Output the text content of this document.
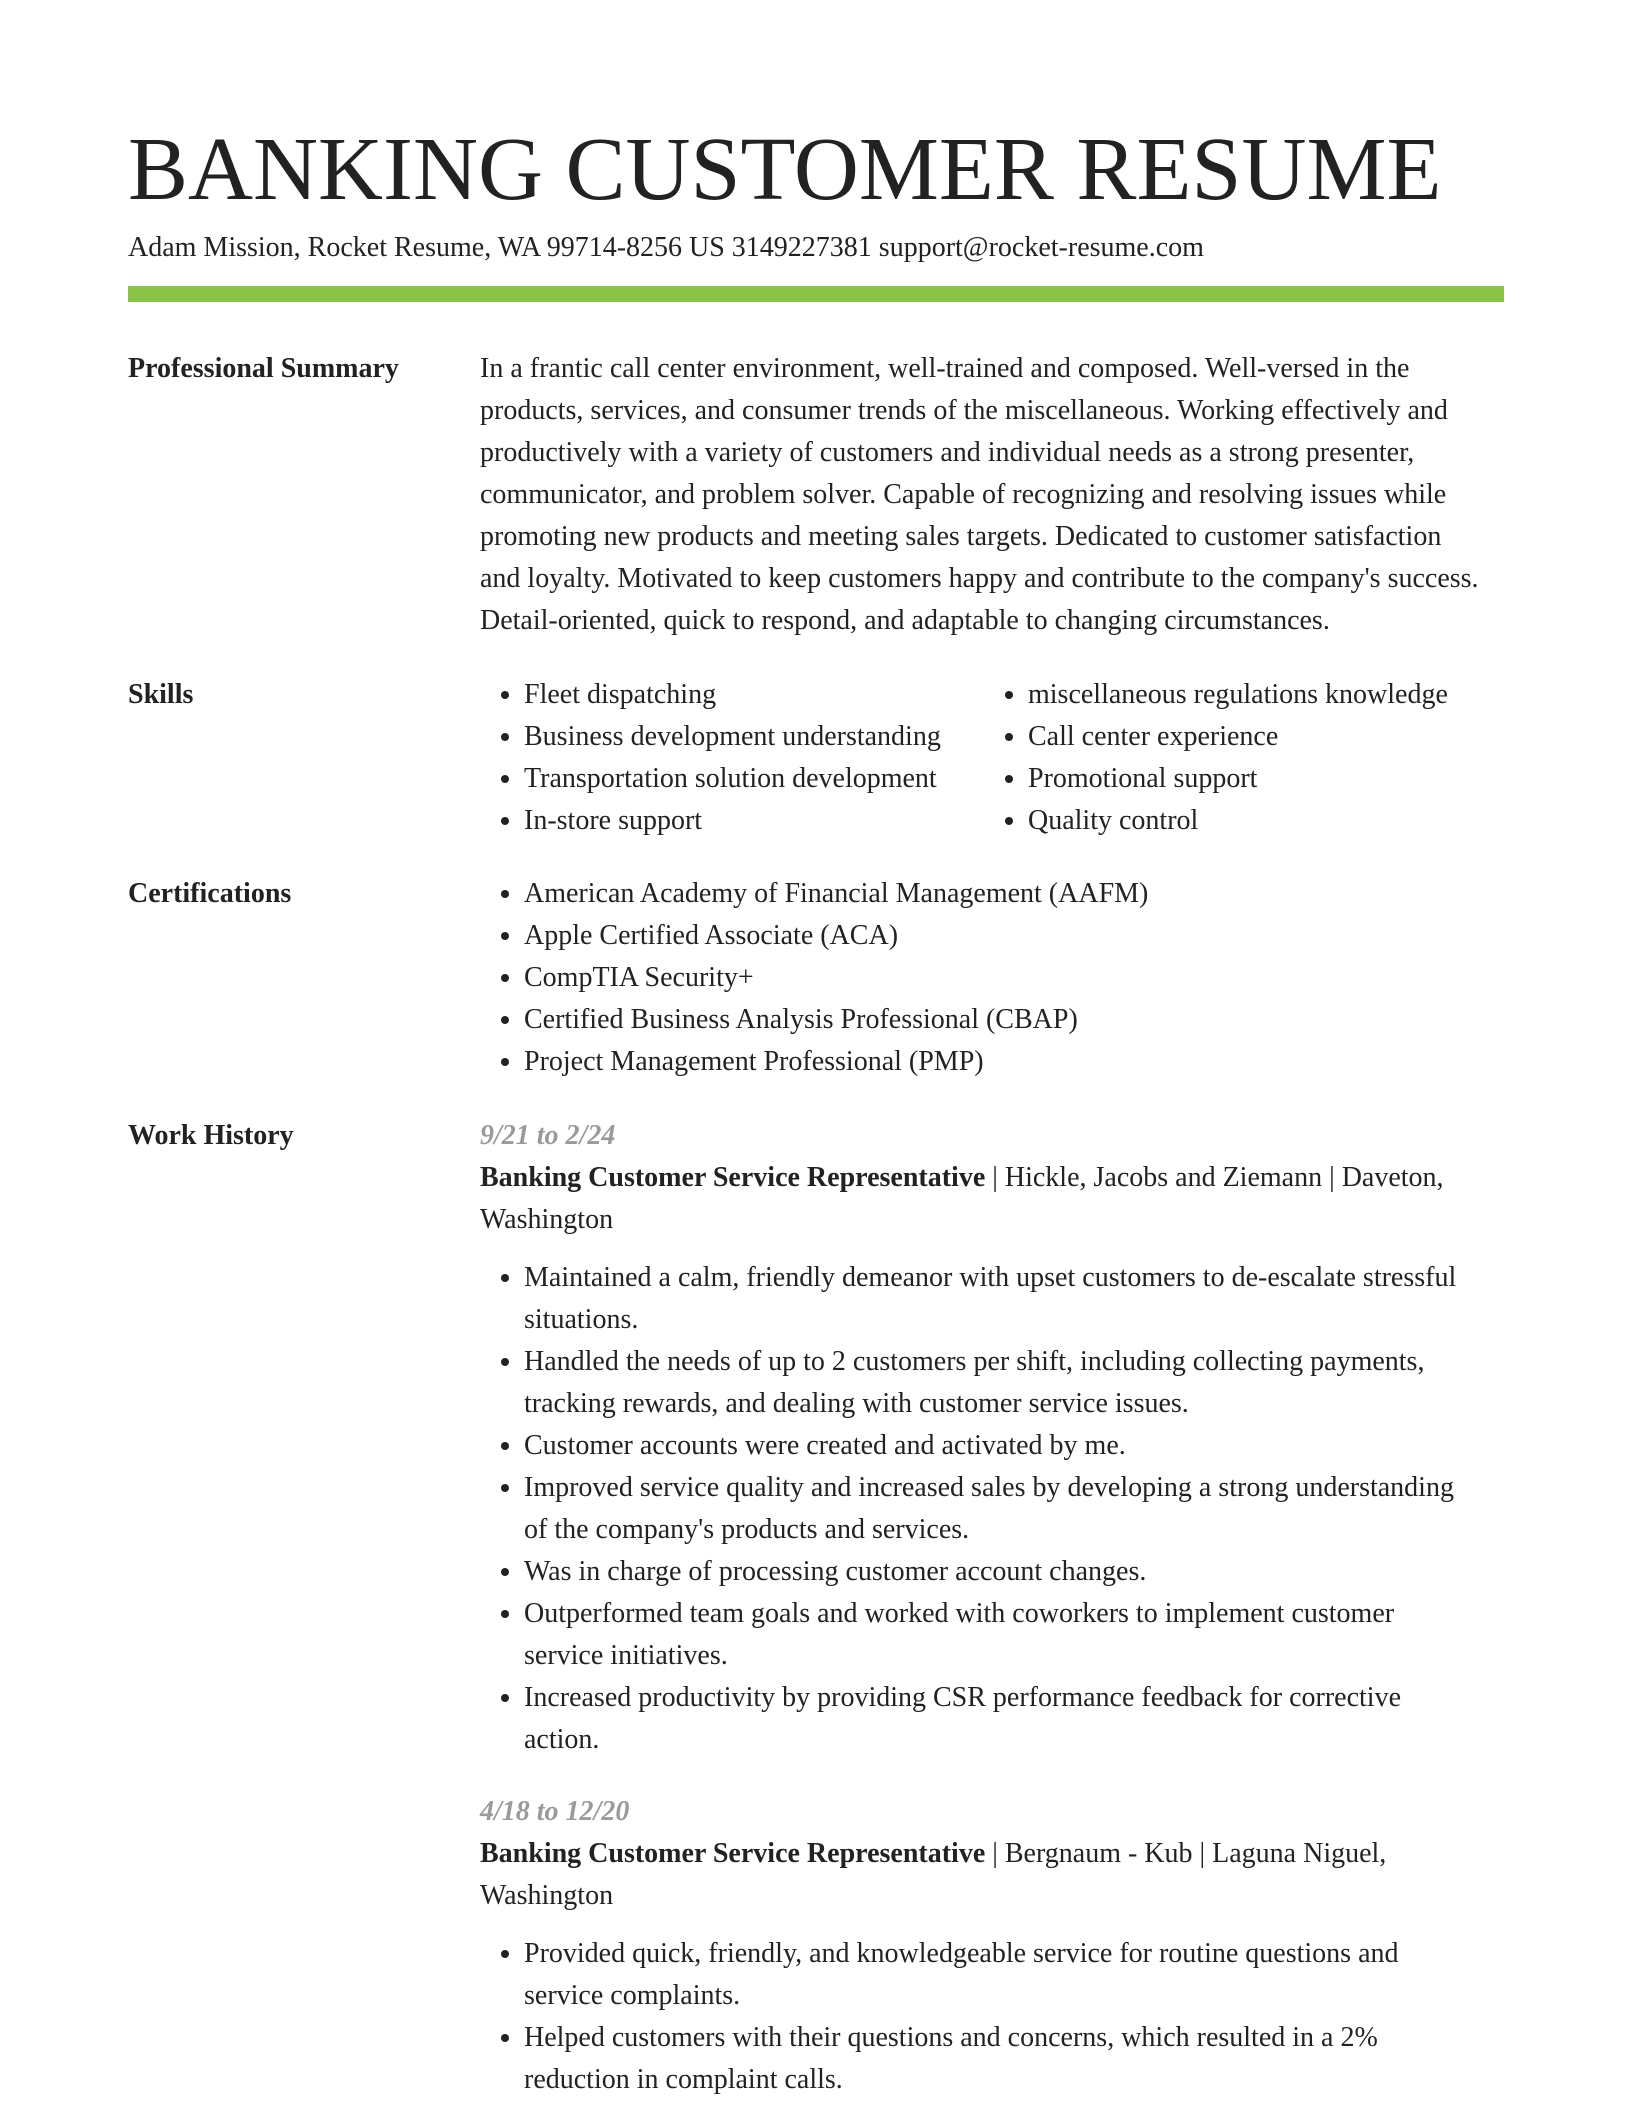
BANKING CUSTOMER RESUME
Adam Mission, Rocket Resume, WA 99714-8256 US 3149227381 support@rocket-resume.com
Professional Summary	In a frantic call center environment, well-trained and composed. Well-versed in the products, services, and consumer trends of the miscellaneous. Working effectively and productively with a variety of customers and individual needs as a strong presenter, communicator, and problem solver. Capable of recognizing and resolving issues while promoting new products and meeting sales targets. Dedicated to customer satisfaction and loyalty. Motivated to keep customers happy and contribute to the company's success. Detail-oriented, quick to respond, and adaptable to changing circumstances.

Skills	• Fleet dispatching
• Business development understanding
• Transportation solution development
• In-store support
• miscellaneous regulations knowledge
• Call center experience
• Promotional support
• Quality control
Certifications	• American Academy of Financial Management (AAFM)
• Apple Certified Associate (ACA)
• CompTIA Security+
• Certified Business Analysis Professional (CBAP)
• Project Management Professional (PMP)
Work History	9/21 to 2/24
Banking Customer Service Representative | Hickle, Jacobs and Ziemann | Daveton, Washington
• Maintained a calm, friendly demeanor with upset customers to de-escalate stressful situations.
• Handled the needs of up to 2 customers per shift, including collecting payments, tracking rewards, and dealing with customer service issues.
• Customer accounts were created and activated by me.
• Improved service quality and increased sales by developing a strong understanding of the company's products and services.
• Was in charge of processing customer account changes.
• Outperformed team goals and worked with coworkers to implement customer service initiatives.
• Increased productivity by providing CSR performance feedback for corrective action.
4/18 to 12/20
Banking Customer Service Representative | Bergnaum - Kub | Laguna Niguel, Washington
• Provided quick, friendly, and knowledgeable service for routine questions and service complaints.
• Helped customers with their questions and concerns, which resulted in a 2% reduction in complaint calls.
